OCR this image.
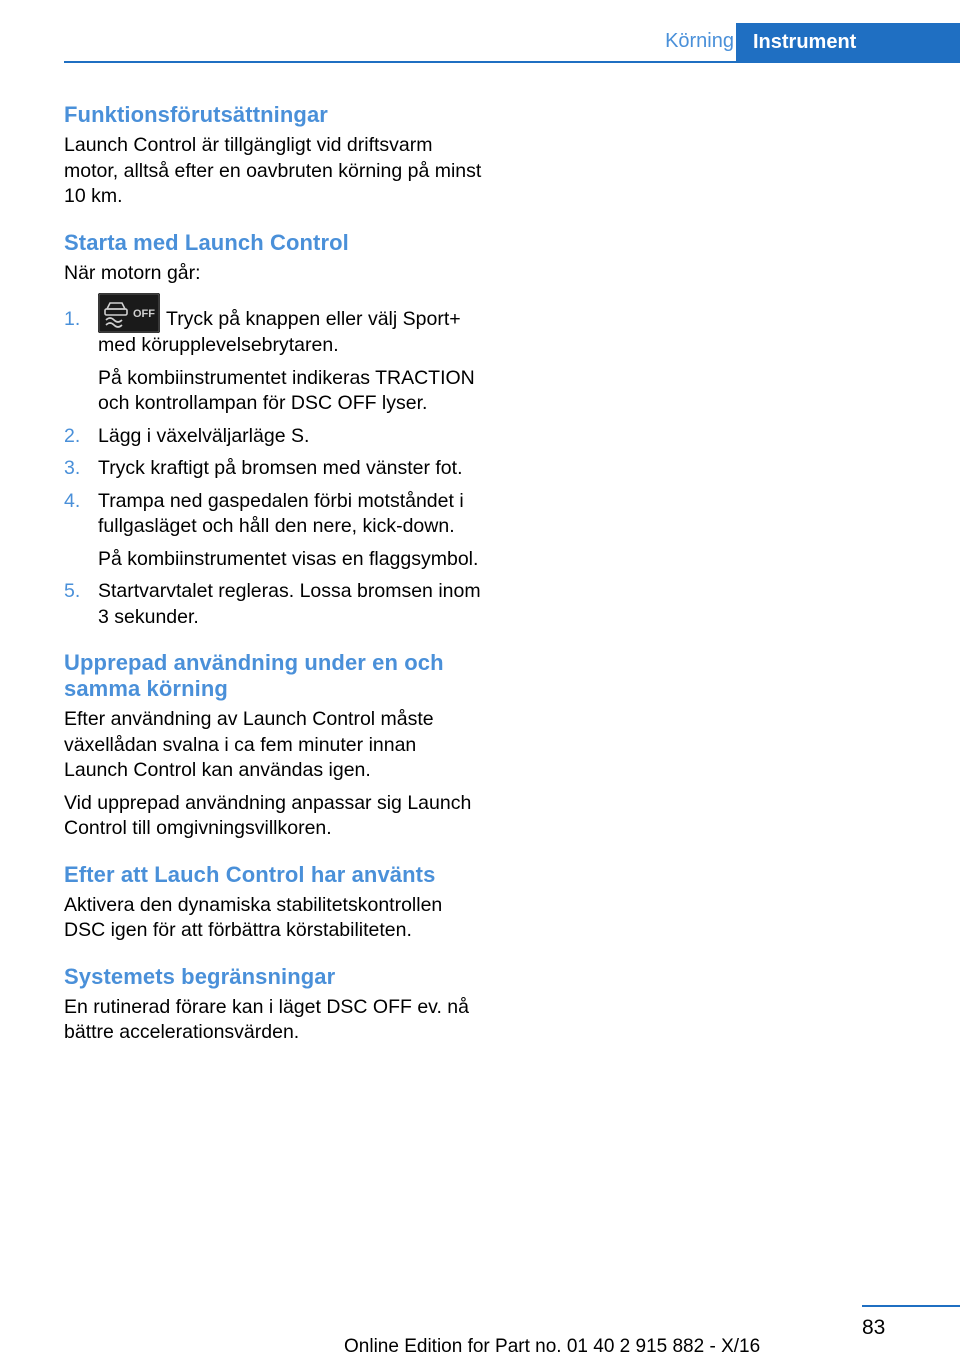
Körning Instrument
Funktionsförutsättningar

Launch Control är tillgängligt vid driftsvarm motor, alltså efter en oavbruten körning på minst 10 km.

Starta med Launch Control

När motorn går:

1.	OFF Tryck på knappen eller välj Sport+ med körupplevelsebrytaren.
På kombiinstrumentet indikeras TRACTION och kontrollampan för DSC OFF lyser.
2. Lägg i växelväljarläge S.
3. Tryck kraftigt på bromsen med vänster fot.
4. Trampa ned gaspedalen förbi motståndet i fullgasläget och håll den nere, kick-down.
På kombiinstrumentet visas en flaggsymbol.
5. Startvarvtalet regleras. Lossa bromsen inom 3 sekunder.
Upprepad användning under en och samma körning

Efter användning av Launch Control måste växellådan svalna i ca fem minuter innan Launch Control kan användas igen.

Vid upprepad användning anpassar sig Launch Control till omgivningsvillkoren.

Efter att Lauch Control har använts

Aktivera den dynamiska stabilitetskontrollen DSC igen för att förbättra körstabiliteten.

Systemets begränsningar

En rutinerad förare kan i läget DSC OFF ev. nå bättre accelerationsvärden.

83
Online Edition for Part no. 01 40 2 915 882 - X/16
